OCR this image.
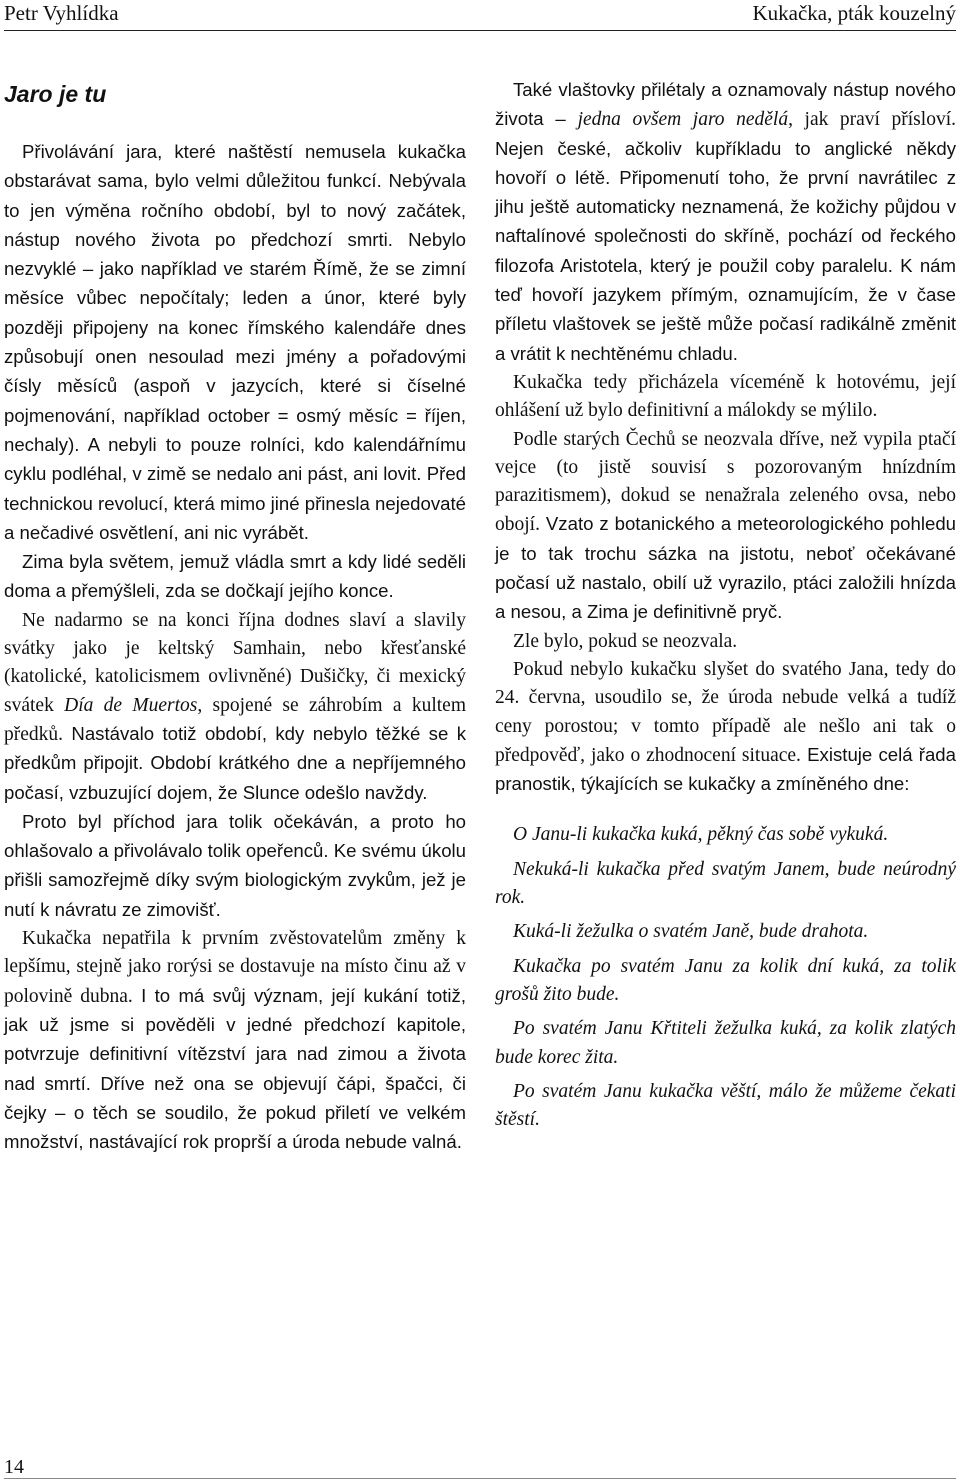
Petr Vyhlídka	Kukačka, pták kouzelný
Jaro je tu

Přivolávání jara, které naštěstí nemusela kukačka obstarávat sama, bylo velmi důležitou funkcí. Nebývala to jen výměna ročního období, byl to nový začátek, nástup nového života po předchozí smrti. Nebylo nezvyklé – jako například ve starém Římě, že se zimní měsíce vůbec nepočítaly; leden a únor, které byly později připojeny na konec římského kalendáře dnes způsobují onen nesoulad mezi jmény a pořadovými čísly měsíců (aspoň v jazycích, které si číselné pojmenování, například october = osmý měsíc = říjen, nechaly). A nebyli to pouze rolníci, kdo kalendářnímu cyklu podléhal, v zimě se nedalo ani pást, ani lovit. Před technickou revolucí, která mimo jiné přinesla nejedovaté a nečadivé osvětlení, ani nic vyrábět.

Zima byla světem, jemuž vládla smrt a kdy lidé seděli doma a přemýšleli, zda se dočkají jejího konce.

Ne nadarmo se na konci října dodnes slaví a slavily svátky jako je keltský Samhain, nebo křesťanské (katolické, katolicismem ovlivněné) Dušičky, či mexický svátek Día de Muertos, spojené se záhrobím a kultem předků. Nastávalo totiž období, kdy nebylo těžké se k předkům připojit. Období krátkého dne a nepříjemného počasí, vzbuzující dojem, že Slunce odešlo navždy.

Proto byl příchod jara tolik očekáván, a proto ho ohlašovalo a přivolávalo tolik opeřenců. Ke svému úkolu přišli samozřejmě díky svým biologickým zvykům, jež je nutí k návratu ze zimovišť.

Kukačka nepatřila k prvním zvěstovatelům změny k lepšímu, stejně jako rorýsi se dostavuje na místo činu až v polovině dubna. I to má svůj význam, její kukání totiž, jak už jsme si pověděli v jedné předchozí kapitole, potvrzuje definitivní vítězství jara nad zimou a života nad smrtí. Dříve než ona se objevují čápi, špačci, či čejky – o těch se soudilo, že pokud přiletí ve velkém množství, nastávající rok proprší a úroda nebude valná.

Také vlaštovky přilétaly a oznamovaly nástup nového života – jedna ovšem jaro nedělá, jak praví přísloví. Nejen české, ačkoliv kupříkladu to anglické někdy hovoří o létě. Připomenutí toho, že první navrátilec z jihu ještě automaticky neznamená, že kožichy půjdou v naftalínové společnosti do skříně, pochází od řeckého filozofa Aristotela, který je použil coby paralelu. K nám teď hovoří jazykem přímým, oznamujícím, že v čase příletu vlaštovek se ještě může počasí radikálně změnit a vrátit k nechtěnému chladu.

Kukačka tedy přicházela víceméně k hotovému, její ohlášení už bylo definitivní a málokdy se mýlilo.

Podle starých Čechů se neozvala dříve, než vypila ptačí vejce (to jistě souvisí s pozorovaným hnízdním parazitismem), dokud se nenažrala zeleného ovsa, nebo obojí. Vzato z botanického a meteorologického pohledu je to tak trochu sázka na jistotu, neboť očekávané počasí už nastalo, obilí už vyrazilo, ptáci založili hnízda a nesou, a Zima je definitivně pryč.

Zle bylo, pokud se neozvala.

Pokud nebylo kukačku slyšet do svatého Jana, tedy do 24. června, usoudilo se, že úroda nebude velká a tudíž ceny porostou; v tomto případě ale nešlo ani tak o předpověď, jako o zhodnocení situace. Existuje celá řada pranostik, týkajících se kukačky a zmíněného dne:

O Janu-li kukačka kuká, pěkný čas sobě vykuká.

Nekuká-li kukačka před svatým Janem, bude neúrodný rok.

Kuká-li žežulka o svatém Janě, bude drahota.

Kukačka po svatém Janu za kolik dní kuká, za tolik grošů žito bude.

Po svatém Janu Křtiteli žežulka kuká, za kolik zlatých bude korec žita.

Po svatém Janu kukačka věští, málo že můžeme čekati štěstí.

14
